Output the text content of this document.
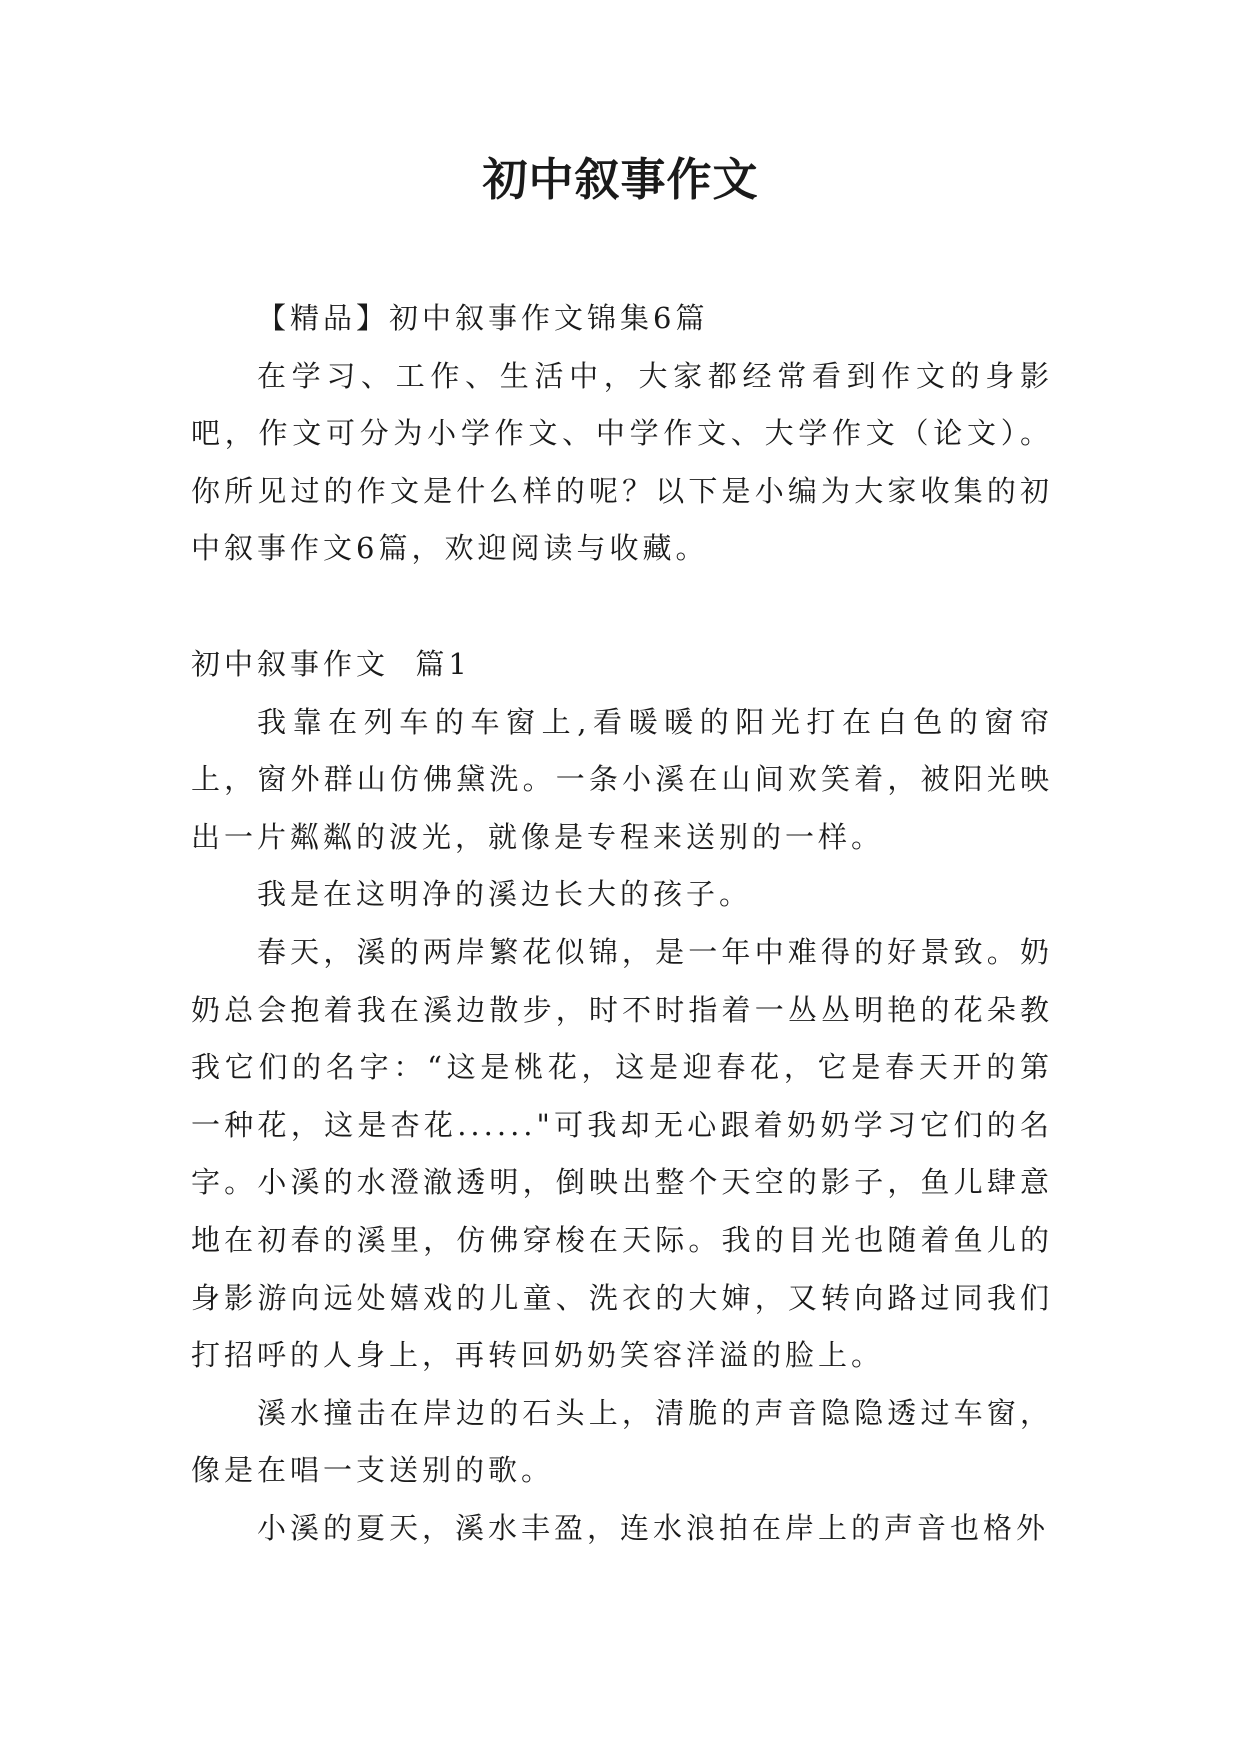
初中叙事作文

【精品】初中叙事作文锦集6篇

在学习、工作、生活中，大家都经常看到作文的身影吧，作文可分为小学作文、中学作文、大学作文（论文）。你所见过的作文是什么样的呢？以下是小编为大家收集的初中叙事作文6篇，欢迎阅读与收藏。

初中叙事作文  篇1

我靠在列车的车窗上,看暖暖的阳光打在白色的窗帘上，窗外群山仿佛黛洗。一条小溪在山间欢笑着，被阳光映出一片粼粼的波光，就像是专程来送别的一样。

我是在这明净的溪边长大的孩子。

春天，溪的两岸繁花似锦，是一年中难得的好景致。奶奶总会抱着我在溪边散步，时不时指着一丛丛明艳的花朵教我它们的名字：“这是桃花，这是迎春花，它是春天开的第一种花，这是杏花......"可我却无心跟着奶奶学习它们的名字。小溪的水澄澈透明，倒映出整个天空的影子，鱼儿肆意地在初春的溪里，仿佛穿梭在天际。我的目光也随着鱼儿的身影游向远处嬉戏的儿童、洗衣的大婶，又转向路过同我们打招呼的人身上，再转回奶奶笑容洋溢的脸上。

溪水撞击在岸边的石头上，清脆的声音隐隐透过车窗，像是在唱一支送别的歌。

小溪的夏天，溪水丰盈，连水浪拍在岸上的声音也格外
